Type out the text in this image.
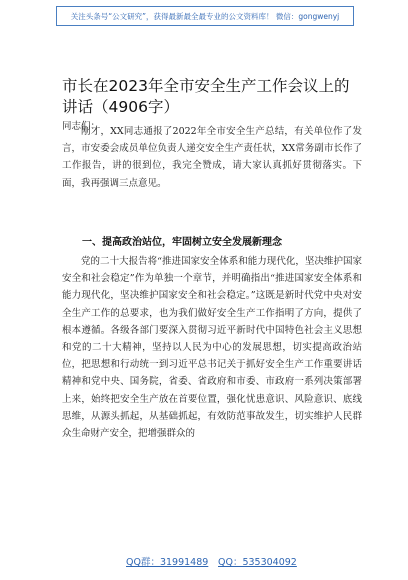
关注头条号“公文研究”，获得最新最全最专业的公文资料库！ 微信：gongwenyj
市长在2023年全市安全生产工作会议上的讲话（4906字）
同志们：

刚才，XX同志通报了2022年全市安全生产总结，有关单位作了发言，市安委会成员单位负责人递交安全生产责任状，XX常务副市长作了工作报告，讲的很到位，我完全赞成，请大家认真抓好贯彻落实。下面，我再强调三点意见。

一、提高政治站位，牢固树立安全发展新理念

党的二十大报告将“推进国家安全体系和能力现代化，坚决维护国家安全和社会稳定”作为单独一个章节，并明确指出“推进国家安全体系和能力现代化，坚决维护国家安全和社会稳定。”这既是新时代党中央对安全生产工作的总要求，也为我们做好安全生产工作指明了方向，提供了根本遵循。各级各部门要深入贯彻习近平新时代中国特色社会主义思想和党的二十大精神，坚持以人民为中心的发展思想，切实提高政治站位，把思想和行动统一到习近平总书记关于抓好安全生产工作重要讲话精神和党中央、国务院，省委、省政府和市委、市政府一系列决策部署上来，始终把安全生产放在首要位置，强化忧患意识、风险意识、底线思维，从源头抓起，从基础抓起，有效防范事故发生，切实维护人民群众生命财产安全，把增强群众的

QQ群：31991489 QQ：535304092
